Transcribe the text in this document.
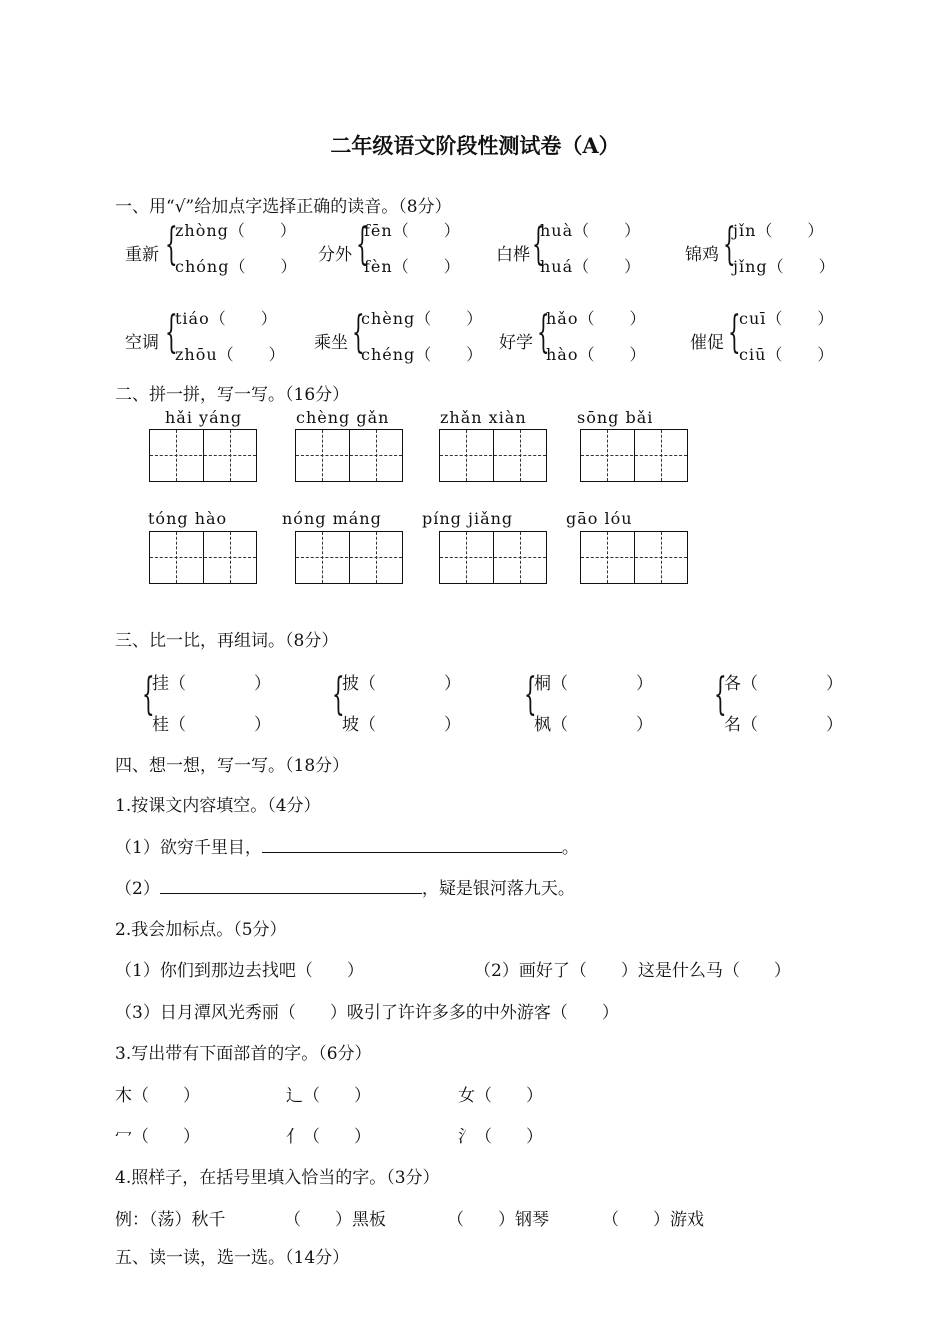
二年级语文阶段性测试卷（A）
一、用“√”给加点字选择正确的读音。（8分）
重新 {
zhòng（　　）
chóng（　　）
分外 {
fēn（　　）
fèn（　　）
白桦 {
huà（　　）
huá（　　）
锦鸡 {
jǐn（　　）
jǐng（　　）
空调 {
tiáo（　　）
zhōu（　　）
乘坐 {
chèng（　　）
chéng（　　）
好学 {
hǎo（　　）
hào（　　）
催促 {
cuī（　　）
ciū（　　）
二、拼一拼，写一写。（16分）
hǎi yáng	chèng gǎn	zhǎn xiàn	sōng bǎi
tóng hào	nóng máng	píng jiǎng	gāo lóu
三、比一比，再组词。（8分）
{
挂（　　　　）
桂（　　　　）
{
披（　　　　）
坡（　　　　）
{
桐（　　　　）
枫（　　　　）
{
各（　　　　）
名（　　　　）
四、想一想，写一写。（18分）
1.按课文内容填空。（4分）
（1）欲穷千里目，	。
（2）	，疑是银河落九天。
2.我会加标点。（5分）
（1）你们到那边去找吧（　　）	（2）画好了（　　）这是什么马（　　）
（3）日月潭风光秀丽（　　）吸引了许许多多的中外游客（　　）
3.写出带有下面部首的字。（6分）
木（　　）	辶（　　）	女（　　）
冖（　　）	亻（　　）	氵（　　）
4.照样子，在括号里填入恰当的字。（3分）
例：（荡）秋千	（　　）黑板	（　　）钢琴	（　　）游戏
五、读一读，选一选。（14分）
